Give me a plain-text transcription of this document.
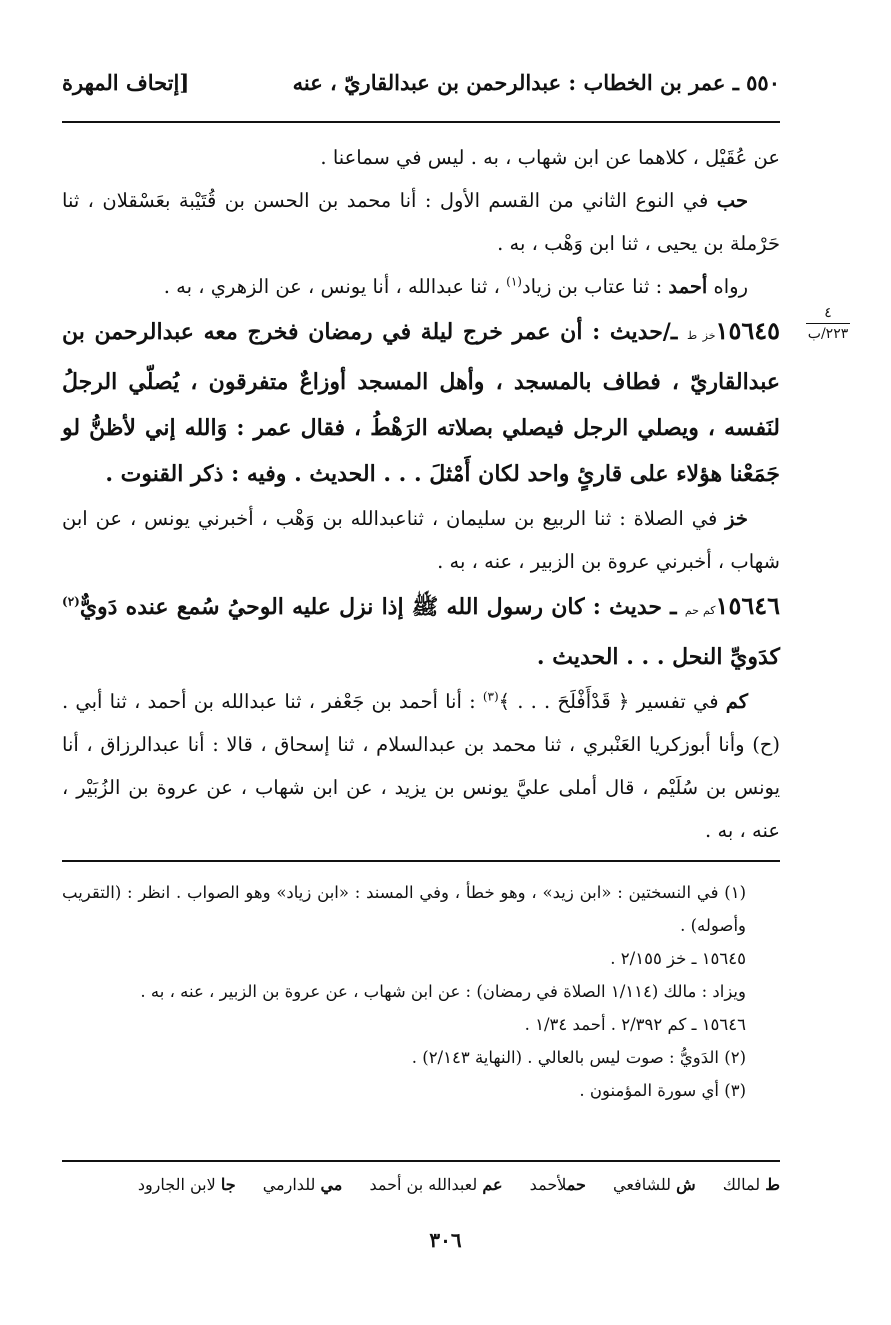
٥٥٠ ـ عمر بن الخطاب : عبدالرحمن بن عبدالقاريّ ، عنه
[إتحاف المهرة
٤
٢٢٣/ب

عن عُقَيْل ، كلاهما عن ابن شهاب ، به . ليس في سماعنا .

حب في النوع الثاني من القسم الأول : أنا محمد بن الحسن بن قُتَيْبة بعَسْقلان ، ثنا حَرْملة بن يحيى ، ثنا ابن وَهْب ، به .

رواه أحمد : ثنا عتاب بن زياد$^{(١)}$ ، ثنا عبدالله ، أنا يونس ، عن الزهري ، به .

١٥٦٤٥خز ط ـ/حديث : أن عمر خرج ليلة في رمضان فخرج معه عبدالرحمن بن عبدالقاريّ ، فطاف بالمسجد ، وأهل المسجد أوزاعٌ متفرقون ، يُصلّي الرجلُ لنَفسه ، ويصلي الرجل فيصلي بصلاته الرَهْطُ ، فقال عمر : وَالله إني لأظنُّ لو جَمَعْنا هؤلاء على قارئٍ واحد لكان أَمْثلَ . . . الحديث . وفيه : ذكر القنوت .

خز في الصلاة : ثنا الربيع بن سليمان ، ثناعبدالله بن وَهْب ، أخبرني يونس ، عن ابن شهاب ، أخبرني عروة بن الزبير ، عنه ، به .

١٥٦٤٦كم حم ـ حديث : كان رسول الله ﷺ إذا نزل عليه الوحيُ سُمع عنده دَويٌّ$^{(٢)}$ كدَويِّ النحل . . . الحديث .

كم في تفسير ﴿ قَدْأَفْلَحَ . . . ﴾$^{(٣)}$ : أنا أحمد بن جَعْفر ، ثنا عبدالله بن أحمد ، ثنا أبي . (ح) وأنا أبوزكريا العَنْبري ، ثنا محمد بن عبدالسلام ، ثنا إسحاق ، قالا : أنا عبدالرزاق ، أنا يونس بن سُلَيْم ، قال أملى عليَّ يونس بن يزيد ، عن ابن شهاب ، عن عروة بن الزُبَيْر ، عنه ، به .

(١) في النسختين : «ابن زيد» ، وهو خطأ ، وفي المسند : «ابن زياد» وهو الصواب . انظر : (التقريب وأصوله) .

١٥٦٤٥ ـ خز ٢/١٥٥ .

ويزاد : مالك (١/١١٤ الصلاة في رمضان) : عن ابن شهاب ، عن عروة بن الزبير ، عنه ، به .

١٥٦٤٦ ـ كم ٢/٣٩٢ . أحمد ١/٣٤ .

(٢) الدَويُّ : صوت ليس بالعالي . (النهاية ٢/١٤٣) .

(٣) أي سورة المؤمنون .

ط لمالك ش للشافعي حملأحمد عم لعبدالله بن أحمد مي للدارمي جا لابن الجارود
٣٠٦
